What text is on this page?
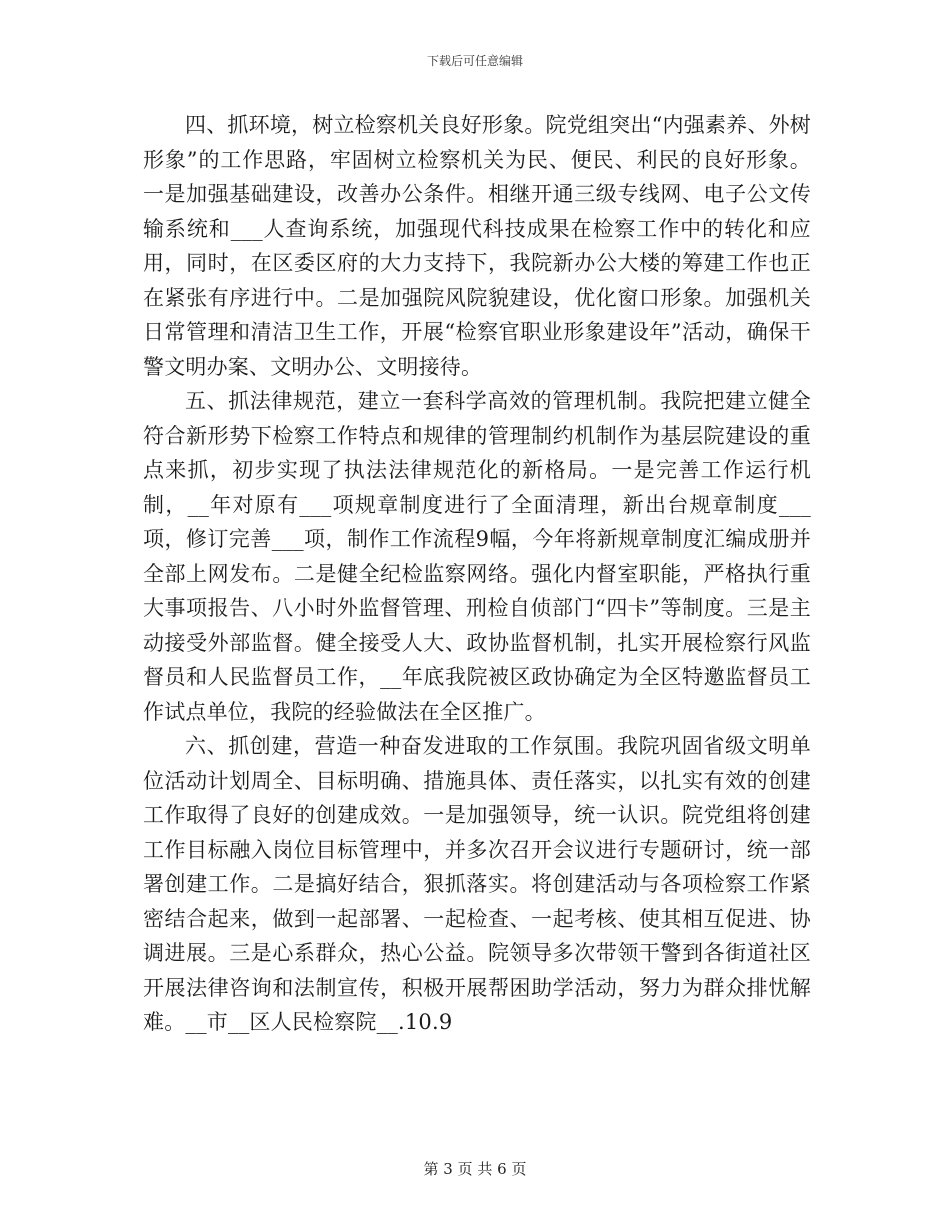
下载后可任意编辑

四、抓环境，树立检察机关良好形象。院党组突出“内强素养、外树形象”的工作思路，牢固树立检察机关为民、便民、利民的良好形象。一是加强基础建设，改善办公条件。相继开通三级专线网、电子公文传输系统和___人查询系统，加强现代科技成果在检察工作中的转化和应用，同时，在区委区府的大力支持下，我院新办公大楼的筹建工作也正在紧张有序进行中。二是加强院风院貌建设，优化窗口形象。加强机关日常管理和清洁卫生工作，开展“检察官职业形象建设年”活动，确保干警文明办案、文明办公、文明接待。

五、抓法律规范，建立一套科学高效的管理机制。我院把建立健全符合新形势下检察工作特点和规律的管理制约机制作为基层院建设的重点来抓，初步实现了执法法律规范化的新格局。一是完善工作运行机制，__年对原有___项规章制度进行了全面清理，新出台规章制度___项，修订完善___项，制作工作流程9幅，今年将新规章制度汇编成册并全部上网发布。二是健全纪检监察网络。强化内督室职能，严格执行重大事项报告、八小时外监督管理、刑检自侦部门“四卡”等制度。三是主动接受外部监督。健全接受人大、政协监督机制，扎实开展检察行风监督员和人民监督员工作，__年底我院被区政协确定为全区特邀监督员工作试点单位，我院的经验做法在全区推广。

六、抓创建，营造一种奋发进取的工作氛围。我院巩固省级文明单位活动计划周全、目标明确、措施具体、责任落实，以扎实有效的创建工作取得了良好的创建成效。一是加强领导，统一认识。院党组将创建工作目标融入岗位目标管理中，并多次召开会议进行专题研讨，统一部署创建工作。二是搞好结合，狠抓落实。将创建活动与各项检察工作紧密结合起来，做到一起部署、一起检查、一起考核、使其相互促进、协调进展。三是心系群众，热心公益。院领导多次带领干警到各街道社区开展法律咨询和法制宣传，积极开展帮困助学活动，努力为群众排忧解难。__市__区人民检察院__.10.9

第 3 页 共 6 页
